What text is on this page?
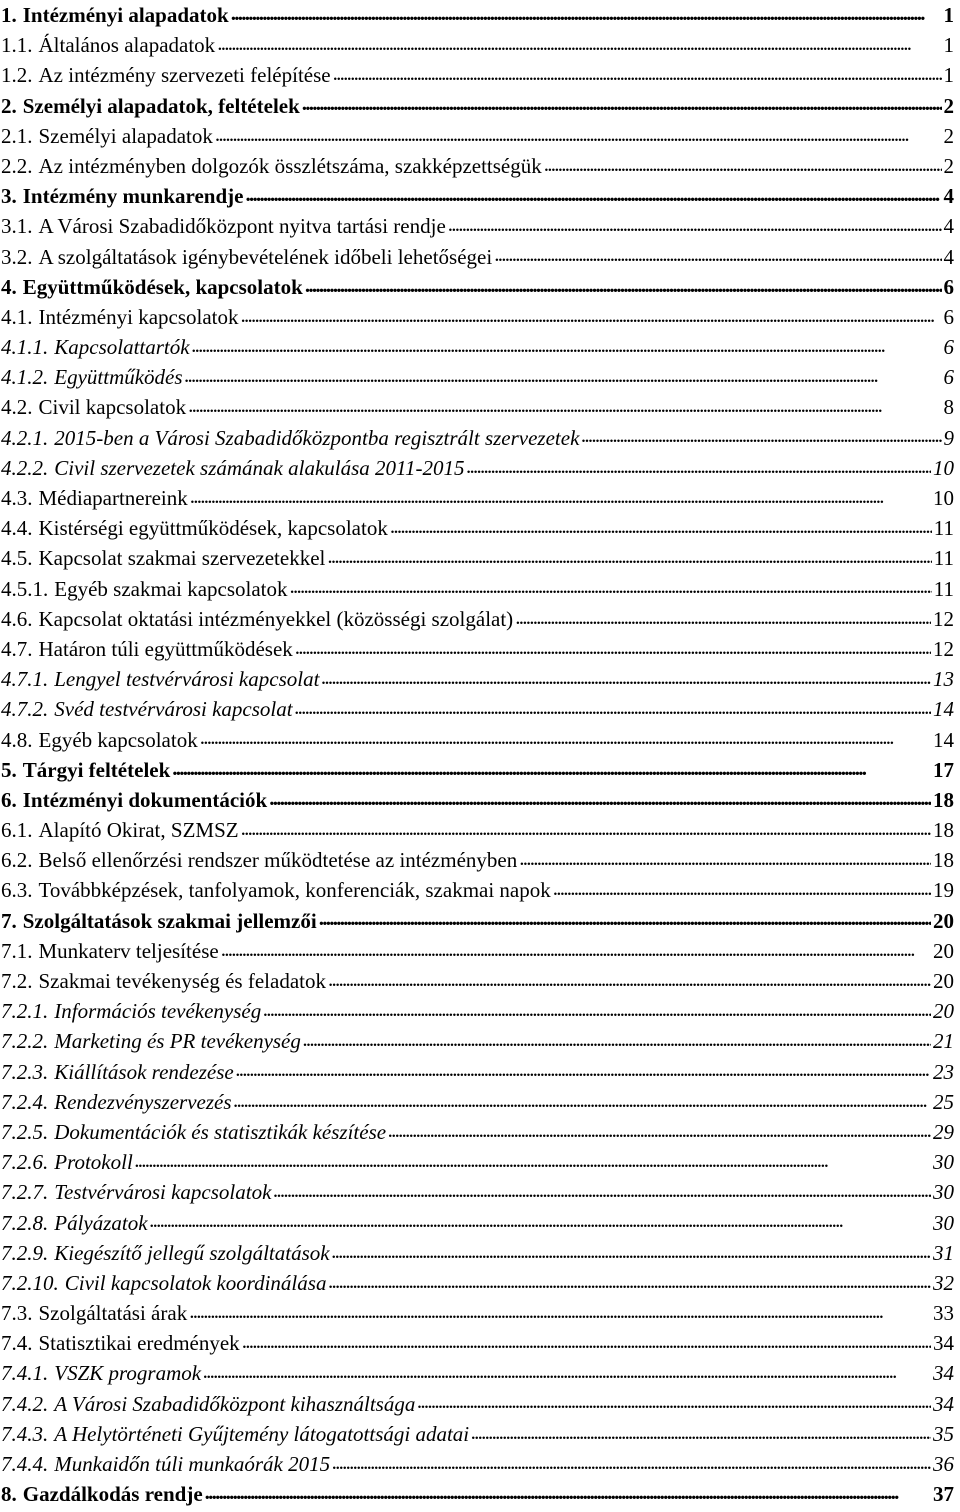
1. Intézményi alapadatok . . .	1
1.1. Általános alapadatok . . .	1
1.2. Az intézmény szervezeti felépítése . . .	1
2. Személyi alapadatok, feltételek . . .	2
2.1. Személyi alapadatok . . .	2
2.2. Az intézményben dolgozók összlétszáma, szakképzettségük . . .	2
3. Intézmény munkarendje . . .	4
3.1. A Városi Szabadidőközpont nyitva tartási rendje . . .	4
3.2. A szolgáltatások igénybevételének időbeli lehetőségei . . .	4
4. Együttműködések, kapcsolatok . . .	6
4.1. Intézményi kapcsolatok . . .	6
4.1.1. Kapcsolattartók . . .	6
4.1.2. Együttműködés . . .	6
4.2. Civil kapcsolatok . . .	8
4.2.1. 2015-ben a Városi Szabadidőközpontba regisztrált szervezetek . . .	9
4.2.2. Civil szervezetek számának alakulása 2011-2015 . . .	10
4.3. Médiapartnereink . . .	10
4.4. Kistérségi együttműködések, kapcsolatok . . .	11
4.5. Kapcsolat szakmai szervezetekkel . . .	11
4.5.1. Egyéb szakmai kapcsolatok . . .	11
4.6. Kapcsolat oktatási intézményekkel (közösségi szolgálat) . . .	12
4.7. Határon túli együttműködések . . .	12
4.7.1. Lengyel testvérvárosi kapcsolat . . .	13
4.7.2. Svéd testvérvárosi kapcsolat . . .	14
4.8. Egyéb kapcsolatok . . .	14
5. Tárgyi feltételek . . .	17
6. Intézményi dokumentációk . . .	18
6.1. Alapító Okirat, SZMSZ . . .	18
6.2. Belső ellenőrzési rendszer működtetése az intézményben . . .	18
6.3. Továbbképzések, tanfolyamok, konferenciák, szakmai napok . . .	19
7. Szolgáltatások szakmai jellemzői . . .	20
7.1. Munkaterv teljesítése . . .	20
7.2. Szakmai tevékenység és feladatok . . .	20
7.2.1. Információs tevékenység . . .	20
7.2.2. Marketing és PR tevékenység . . .	21
7.2.3. Kiállítások rendezése . . .	23
7.2.4. Rendezvényszervezés . . .	25
7.2.5. Dokumentációk és statisztikák készítése . . .	29
7.2.6. Protokoll . . .	30
7.2.7. Testvérvárosi kapcsolatok . . .	30
7.2.8. Pályázatok . . .	30
7.2.9. Kiegészítő jellegű szolgáltatások . . .	31
7.2.10. Civil kapcsolatok koordinálása . . .	32
7.3. Szolgáltatási árak . . .	33
7.4. Statisztikai eredmények . . .	34
7.4.1. VSZK programok . . .	34
7.4.2. A Városi Szabadidőközpont kihasználtsága . . .	34
7.4.3. A Helytörténeti Gyűjtemény látogatottsági adatai . . .	35
7.4.4. Munkaidőn túli munkaórák 2015 . . .	36
8. Gazdálkodás rendje . . .	37
